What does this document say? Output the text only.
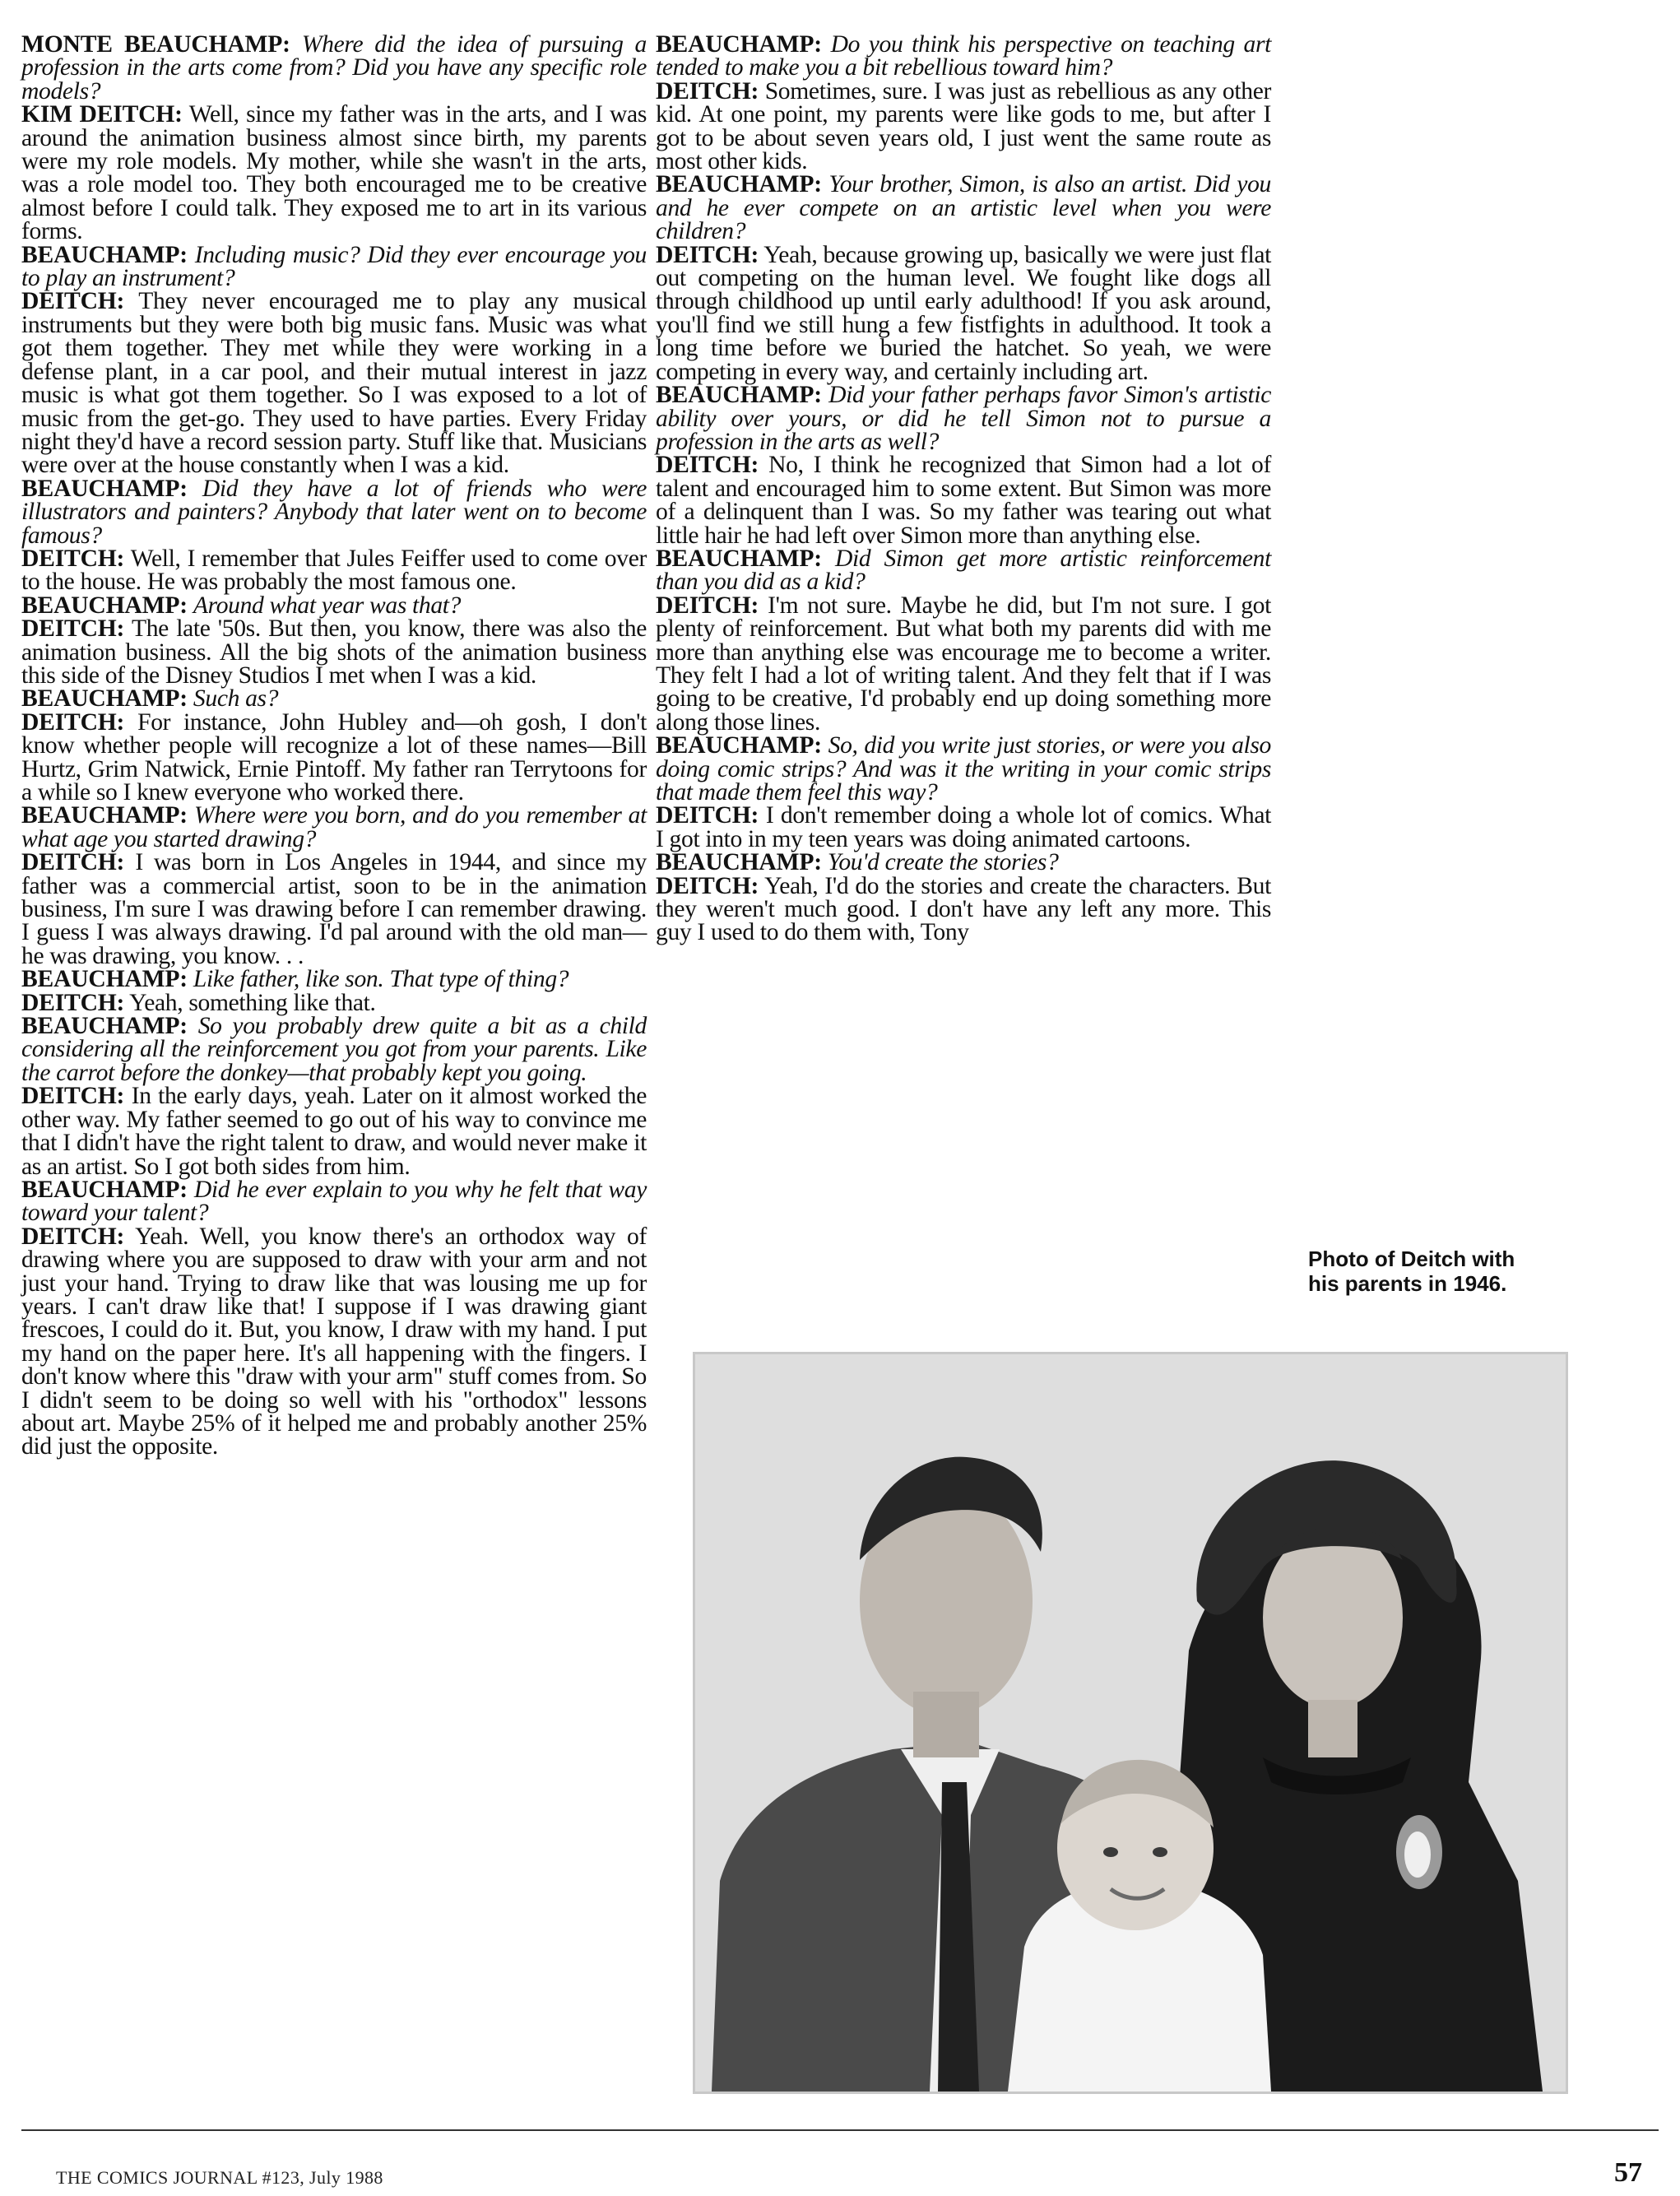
MONTE BEAUCHAMP: Where did the idea of pursuing a profession in the arts come from? Did you have any specific role models?

KIM DEITCH: Well, since my father was in the arts, and I was around the animation business almost since birth, my parents were my role models. My mother, while she wasn't in the arts, was a role model too. They both encouraged me to be creative almost before I could talk. They exposed me to art in its various forms.

BEAUCHAMP: Including music? Did they ever encourage you to play an instrument?

DEITCH: They never encouraged me to play any musical instruments but they were both big music fans. Music was what got them together. They met while they were working in a defense plant, in a car pool, and their mutual interest in jazz music is what got them together. So I was exposed to a lot of music from the get-go. They used to have parties. Every Friday night they'd have a record session party. Stuff like that. Musicians were over at the house constantly when I was a kid.

BEAUCHAMP: Did they have a lot of friends who were illustrators and painters? Anybody that later went on to become famous?

DEITCH: Well, I remember that Jules Feiffer used to come over to the house. He was probably the most famous one.

BEAUCHAMP: Around what year was that?

DEITCH: The late '50s. But then, you know, there was also the animation business. All the big shots of the animation business this side of the Disney Studios I met when I was a kid.

BEAUCHAMP: Such as?

DEITCH: For instance, John Hubley and—oh gosh, I don't know whether people will recognize a lot of these names—Bill Hurtz, Grim Natwick, Ernie Pintoff. My father ran Terrytoons for a while so I knew everyone who worked there.

BEAUCHAMP: Where were you born, and do you remember at what age you started drawing?

DEITCH: I was born in Los Angeles in 1944, and since my father was a commercial artist, soon to be in the animation business, I'm sure I was drawing before I can remember drawing. I guess I was always drawing. I'd pal around with the old man—he was drawing, you know. . .

BEAUCHAMP: Like father, like son. That type of thing?

DEITCH: Yeah, something like that.

BEAUCHAMP: So you probably drew quite a bit as a child considering all the reinforcement you got from your parents. Like the carrot before the donkey—that probably kept you going.

DEITCH: In the early days, yeah. Later on it almost worked the other way. My father seemed to go out of his way to convince me that I didn't have the right talent to draw, and would never make it as an artist. So I got both sides from him.

BEAUCHAMP: Did he ever explain to you why he felt that way toward your talent?

DEITCH: Yeah. Well, you know there's an orthodox way of drawing where you are supposed to draw with your arm and not just your hand. Trying to draw like that was lousing me up for years. I can't draw like that! I suppose if I was drawing giant frescoes, I could do it. But, you know, I draw with my hand. I put my hand on the paper here. It's all happening with the fingers. I don't know where this "draw with your arm" stuff comes from. So I didn't seem to be doing so well with his "orthodox" lessons about art. Maybe 25% of it helped me and probably another 25% did just the opposite.

BEAUCHAMP: Do you think his perspective on teaching art tended to make you a bit rebellious toward him?

DEITCH: Sometimes, sure. I was just as rebellious as any other kid. At one point, my parents were like gods to me, but after I got to be about seven years old, I just went the same route as most other kids.

BEAUCHAMP: Your brother, Simon, is also an artist. Did you and he ever compete on an artistic level when you were children?

DEITCH: Yeah, because growing up, basically we were just flat out competing on the human level. We fought like dogs all through childhood up until early adulthood! If you ask around, you'll find we still hung a few fistfights in adulthood. It took a long time before we buried the hatchet. So yeah, we were competing in every way, and certainly including art.

BEAUCHAMP: Did your father perhaps favor Simon's artistic ability over yours, or did he tell Simon not to pursue a profession in the arts as well?

DEITCH: No, I think he recognized that Simon had a lot of talent and encouraged him to some extent. But Simon was more of a delinquent than I was. So my father was tearing out what little hair he had left over Simon more than anything else.

BEAUCHAMP: Did Simon get more artistic reinforcement than you did as a kid?

DEITCH: I'm not sure. Maybe he did, but I'm not sure. I got plenty of reinforcement. But what both my parents did with me more than anything else was encourage me to become a writer. They felt I had a lot of writing talent. And they felt that if I was going to be creative, I'd probably end up doing something more along those lines.

BEAUCHAMP: So, did you write just stories, or were you also doing comic strips? And was it the writing in your comic strips that made them feel this way?

DEITCH: I don't remember doing a whole lot of comics. What I got into in my teen years was doing animated cartoons.

BEAUCHAMP: You'd create the stories?

DEITCH: Yeah, I'd do the stories and create the characters. But they weren't much good. I don't have any left any more. This guy I used to do them with, Tony

Photo of Deitch with
his parents in 1946.
THE COMICS JOURNAL #123, July 1988	57
